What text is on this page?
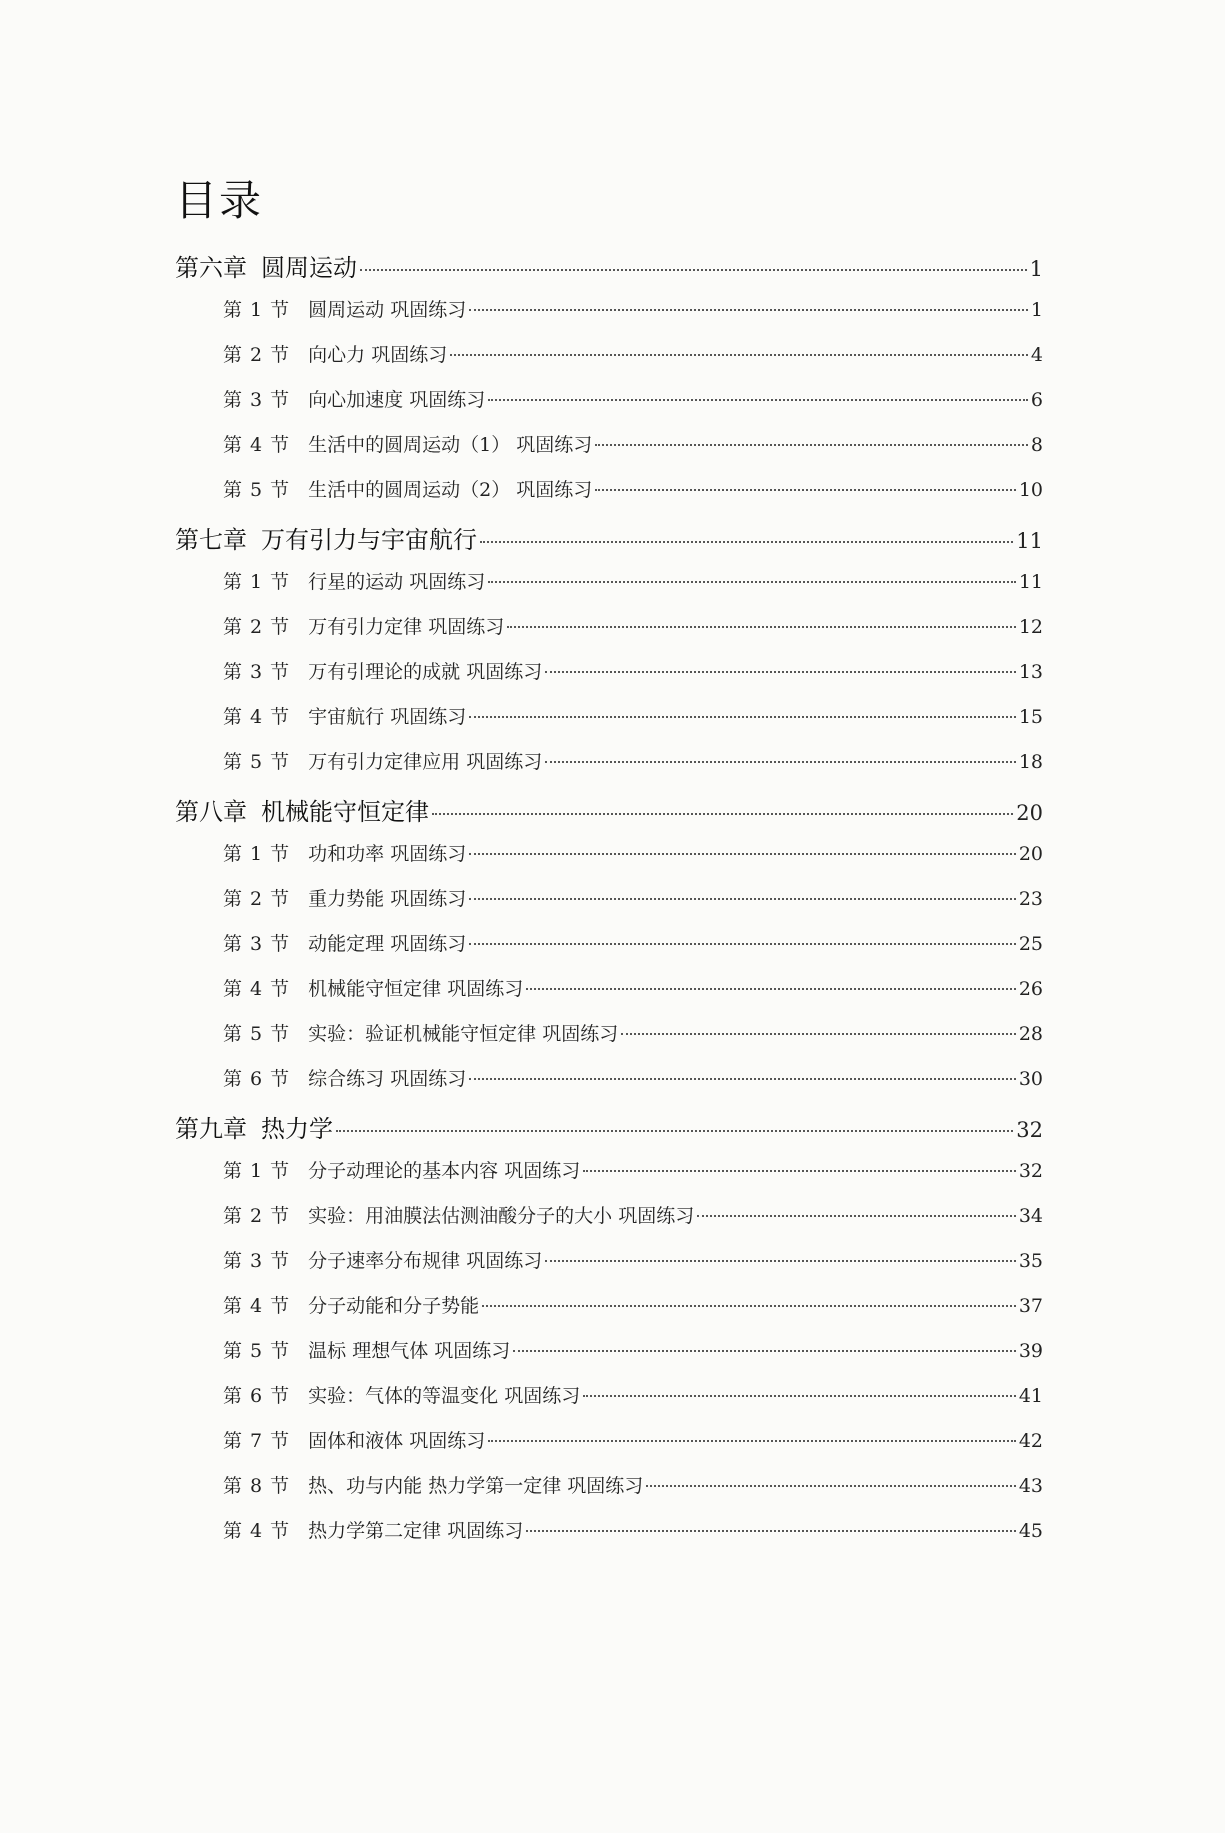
目录
第六章 圆周运动	1
第 1 节 圆周运动 巩固练习	1
第 2 节 向心力 巩固练习	4
第 3 节 向心加速度 巩固练习	6
第 4 节 生活中的圆周运动（1） 巩固练习	8
第 5 节 生活中的圆周运动（2） 巩固练习	10
第七章 万有引力与宇宙航行	11
第 1 节 行星的运动 巩固练习	11
第 2 节 万有引力定律 巩固练习	12
第 3 节 万有引理论的成就 巩固练习	13
第 4 节 宇宙航行 巩固练习	15
第 5 节 万有引力定律应用 巩固练习	18
第八章 机械能守恒定律	20
第 1 节 功和功率 巩固练习	20
第 2 节 重力势能 巩固练习	23
第 3 节 动能定理 巩固练习	25
第 4 节 机械能守恒定律 巩固练习	26
第 5 节 实验：验证机械能守恒定律 巩固练习	28
第 6 节 综合练习 巩固练习	30
第九章 热力学	32
第 1 节 分子动理论的基本内容 巩固练习	32
第 2 节 实验：用油膜法估测油酸分子的大小 巩固练习	34
第 3 节 分子速率分布规律 巩固练习	35
第 4 节 分子动能和分子势能	37
第 5 节 温标 理想气体 巩固练习	39
第 6 节 实验：气体的等温变化 巩固练习	41
第 7 节 固体和液体 巩固练习	42
第 8 节 热、功与内能 热力学第一定律 巩固练习	43
第 4 节 热力学第二定律 巩固练习	45
